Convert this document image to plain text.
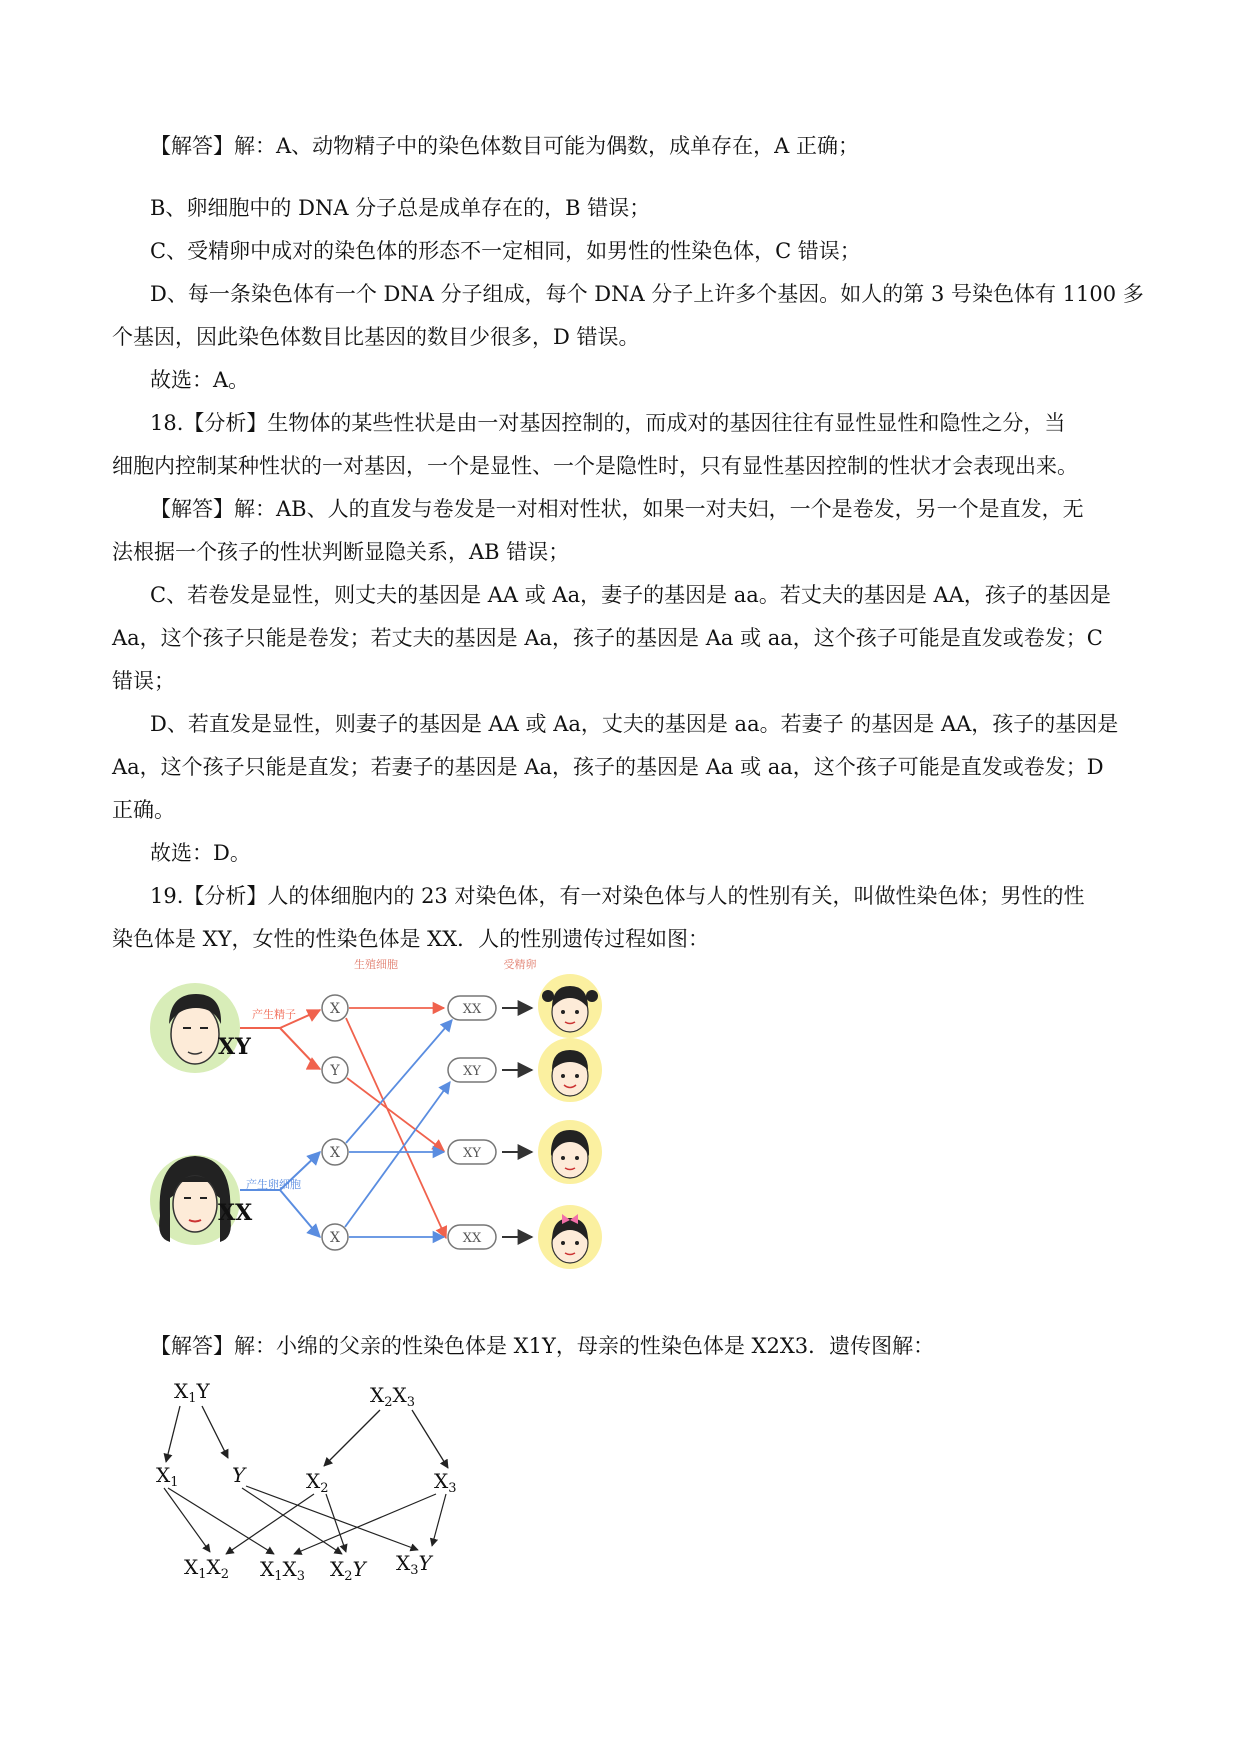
【解答】解：A、动物精子中的染色体数目可能为偶数，成单存在，A 正确；
B、卵细胞中的 DNA 分子总是成单存在的，B 错误；
C、受精卵中成对的染色体的形态不一定相同，如男性的性染色体，C 错误；
D、每一条染色体有一个 DNA 分子组成，每个 DNA 分子上许多个基因。如人的第 3 号染色体有 1100 多
个基因，因此染色体数目比基因的数目少很多，D 错误。
故选：A。
18.【分析】生物体的某些性状是由一对基因控制的，而成对的基因往往有显性显性和隐性之分，当
细胞内控制某种性状的一对基因，一个是显性、一个是隐性时，只有显性基因控制的性状才会表现出来。
【解答】解：AB、人的直发与卷发是一对相对性状，如果一对夫妇，一个是卷发，另一个是直发，无
法根据一个孩子的性状判断显隐关系，AB 错误；
C、若卷发是显性，则丈夫的基因是 AA 或 Aa，妻子的基因是 aa。若丈夫的基因是 AA，孩子的基因是
Aa，这个孩子只能是卷发；若丈夫的基因是 Aa，孩子的基因是 Aa 或 aa，这个孩子可能是直发或卷发；C
错误；
D、若直发是显性，则妻子的基因是 AA 或 Aa，丈夫的基因是 aa。若妻子 的基因是 AA，孩子的基因是
Aa，这个孩子只能是直发；若妻子的基因是 Aa，孩子的基因是 Aa 或 aa，这个孩子可能是直发或卷发；D
正确。
故选：D。
19.【分析】人的体细胞内的 23 对染色体，有一对染色体与人的性别有关，叫做性染色体；男性的性
染色体是 XY，女性的性染色体是 XX．人的性别遗传过程如图：
生殖细胞	受精卵
XY
产生精子
XX
产生卵细胞
X
Y
X
X
XX
XY
XY
XX
【解答】解：小绵的父亲的性染色体是 X1Y，母亲的性染色体是 X2X3．遗传图解：
$X_1Y$	$X_2X_3$
$X_1$	Y	$X_2$	$X_3$
$X_1X_2$ $X_1X_3$ $X_2Y$ $X_3Y$
